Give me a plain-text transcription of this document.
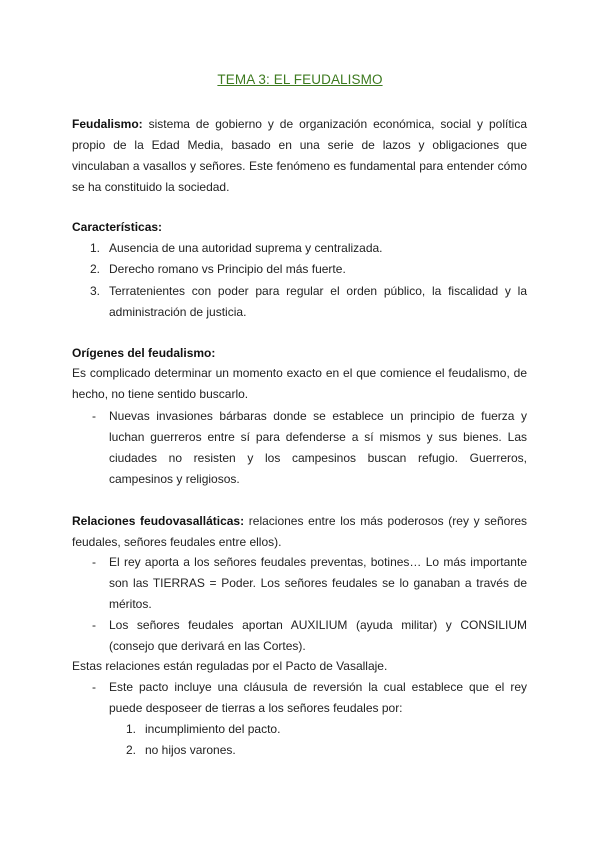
TEMA 3: EL FEUDALISMO
Feudalismo: sistema de gobierno y de organización económica, social y política propio de la Edad Media, basado en una serie de lazos y obligaciones que vinculaban a vasallos y señores. Este fenómeno es fundamental para entender cómo se ha constituido la sociedad.
Características:
1. Ausencia de una autoridad suprema y centralizada.
2. Derecho romano vs Principio del más fuerte.
3. Terratenientes con poder para regular el orden público, la fiscalidad y la administración de justicia.
Orígenes del feudalismo:
Es complicado determinar un momento exacto en el que comience el feudalismo, de hecho, no tiene sentido buscarlo.
- Nuevas invasiones bárbaras donde se establece un principio de fuerza y luchan guerreros entre sí para defenderse a sí mismos y sus bienes. Las ciudades no resisten y los campesinos buscan refugio. Guerreros, campesinos y religiosos.
Relaciones feudovasalláticas: relaciones entre los más poderosos (rey y señores feudales, señores feudales entre ellos).
- El rey aporta a los señores feudales preventas, botines… Lo más importante son las TIERRAS = Poder. Los señores feudales se lo ganaban a través de méritos.
- Los señores feudales aportan AUXILIUM (ayuda militar) y CONSILIUM (consejo que derivará en las Cortes).
Estas relaciones están reguladas por el Pacto de Vasallaje.
- Este pacto incluye una cláusula de reversión la cual establece que el rey puede desposeer de tierras a los señores feudales por:
1. incumplimiento del pacto.
2. no hijos varones.
